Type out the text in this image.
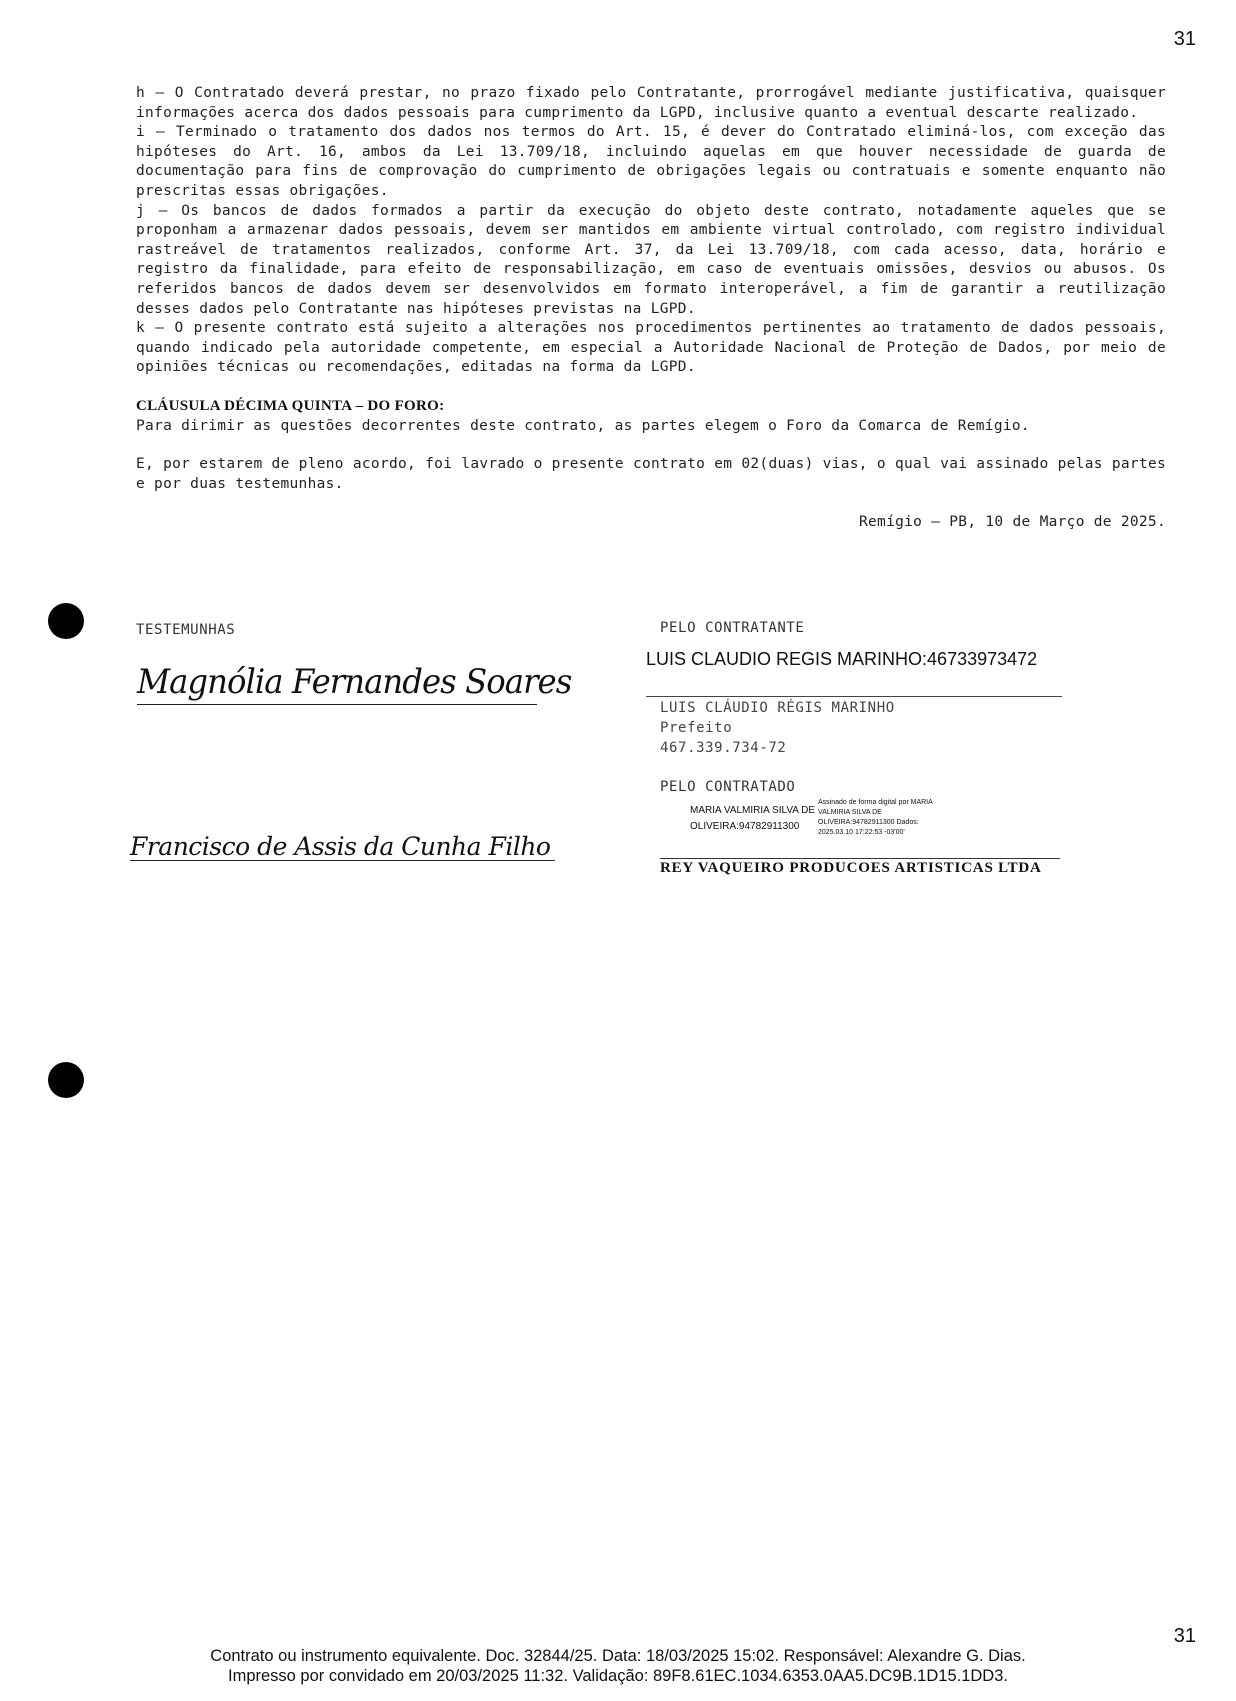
31

h – O Contratado deverá prestar, no prazo fixado pelo Contratante, prorrogável mediante justificativa, quaisquer informações acerca dos dados pessoais para cumprimento da LGPD, inclusive quanto a eventual descarte realizado.

i – Terminado o tratamento dos dados nos termos do Art. 15, é dever do Contratado eliminá-los, com exceção das hipóteses do Art. 16, ambos da Lei 13.709/18, incluindo aquelas em que houver necessidade de guarda de documentação para fins de comprovação do cumprimento de obrigações legais ou contratuais e somente enquanto não prescritas essas obrigações.

j – Os bancos de dados formados a partir da execução do objeto deste contrato, notadamente aqueles que se proponham a armazenar dados pessoais, devem ser mantidos em ambiente virtual controlado, com registro individual rastreável de tratamentos realizados, conforme Art. 37, da Lei 13.709/18, com cada acesso, data, horário e registro da finalidade, para efeito de responsabilização, em caso de eventuais omissões, desvios ou abusos. Os referidos bancos de dados devem ser desenvolvidos em formato interoperável, a fim de garantir a reutilização desses dados pelo Contratante nas hipóteses previstas na LGPD.

k – O presente contrato está sujeito a alterações nos procedimentos pertinentes ao tratamento de dados pessoais, quando indicado pela autoridade competente, em especial a Autoridade Nacional de Proteção de Dados, por meio de opiniões técnicas ou recomendações, editadas na forma da LGPD.

CLÁUSULA DÉCIMA QUINTA – DO FORO:

Para dirimir as questões decorrentes deste contrato, as partes elegem o Foro da Comarca de Remígio.

E, por estarem de pleno acordo, foi lavrado o presente contrato em 02(duas) vias, o qual vai assinado pelas partes e por duas testemunhas.

Remígio – PB, 10 de Março de 2025.

TESTEMUNHAS
Magnólia Fernandes Soares
Francisco de Assis da Cunha Filho
PELO CONTRATANTE
LUIS CLAUDIO REGIS MARINHO:46733973472
LUIS CLÁUDIO RÉGIS MARINHO
Prefeito
467.339.734-72
PELO CONTRATADO
MARIA VALMIRIA SILVA DE OLIVEIRA:94782911300
Assinado de forma digital por MARIA VALMIRIA SILVA DE OLIVEIRA:94782911300 Dados: 2025.03.10 17:22:53 -03'00'
REY VAQUEIRO PRODUCOES ARTISTICAS LTDA
31
Contrato ou instrumento equivalente. Doc. 32844/25. Data: 18/03/2025 15:02. Responsável: Alexandre G. Dias.
Impresso por convidado em 20/03/2025 11:32. Validação: 89F8.61EC.1034.6353.0AA5.DC9B.1D15.1DD3.
